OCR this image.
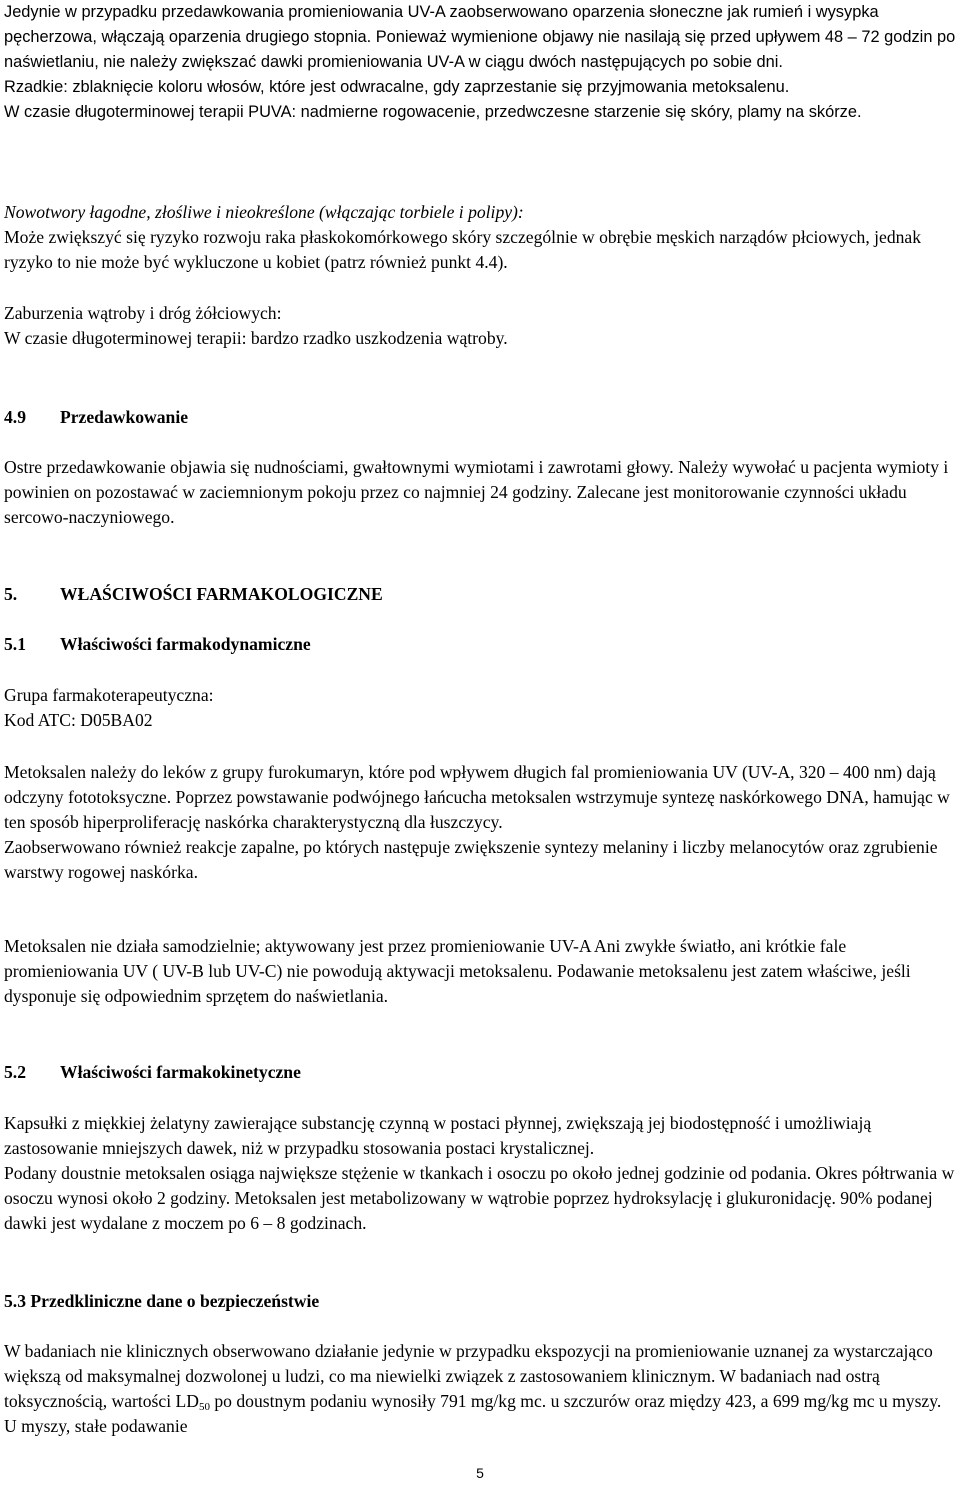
Jedynie w przypadku przedawkowania promieniowania UV-A zaobserwowano oparzenia słoneczne jak rumień i wysypka pęcherzowa, włączają oparzenia drugiego stopnia. Ponieważ wymienione objawy nie nasilają się przed upływem 48 – 72 godzin po naświetlaniu, nie należy zwiększać dawki promieniowania UV-A w ciągu dwóch następujących po sobie dni.

Rzadkie: zblaknięcie koloru włosów, które jest odwracalne, gdy zaprzestanie się przyjmowania metoksalenu.

W czasie długoterminowej terapii PUVA: nadmierne rogowacenie, przedwczesne starzenie się skóry, plamy na skórze.

Nowotwory łagodne, złośliwe i nieokreślone (włączając torbiele i polipy):

Może zwiększyć się ryzyko rozwoju raka płaskokomórkowego skóry szczególnie w obrębie męskich narządów płciowych, jednak ryzyko to nie może być wykluczone u kobiet (patrz również punkt 4.4).

Zaburzenia wątroby i dróg żółciowych:

W czasie długoterminowej terapii: bardzo rzadko uszkodzenia wątroby.

4.9 Przedawkowanie

Ostre przedawkowanie objawia się nudnościami, gwałtownymi wymiotami i zawrotami głowy. Należy wywołać u pacjenta wymioty i powinien on pozostawać w zaciemnionym pokoju przez co najmniej 24 godziny. Zalecane jest monitorowanie czynności układu sercowo-naczyniowego.

5. WŁAŚCIWOŚCI FARMAKOLOGICZNE

5.1 Właściwości farmakodynamiczne

Grupa farmakoterapeutyczna:

Kod ATC: D05BA02

Metoksalen należy do leków z grupy furokumaryn, które pod wpływem długich fal promieniowania UV (UV-A, 320 – 400 nm) dają odczyny fototoksyczne. Poprzez powstawanie podwójnego łańcucha metoksalen wstrzymuje syntezę naskórkowego DNA, hamując w ten sposób hiperproliferację naskórka charakterystyczną dla łuszczycy.

Zaobserwowano również reakcje zapalne, po których następuje zwiększenie syntezy melaniny i liczby melanocytów oraz zgrubienie warstwy rogowej naskórka.

Metoksalen nie działa samodzielnie; aktywowany jest przez promieniowanie UV-A Ani zwykłe światło, ani krótkie fale promieniowania UV ( UV-B lub UV-C) nie powodują aktywacji metoksalenu. Podawanie metoksalenu jest zatem właściwe, jeśli dysponuje się odpowiednim sprzętem do naświetlania.

5.2 Właściwości farmakokinetyczne

Kapsułki z miękkiej żelatyny zawierające substancję czynną w postaci płynnej, zwiększają jej biodostępność i umożliwiają zastosowanie mniejszych dawek, niż w przypadku stosowania postaci krystalicznej.

Podany doustnie metoksalen osiąga największe stężenie w tkankach i osoczu po około jednej godzinie od podania. Okres półtrwania w osoczu wynosi około 2 godziny. Metoksalen jest metabolizowany w wątrobie poprzez hydroksylację i glukuronidację. 90% podanej dawki jest wydalane z moczem po 6 – 8 godzinach.

5.3 Przedkliniczne dane o bezpieczeństwie

W badaniach nie klinicznych obserwowano działanie jedynie w przypadku ekspozycji na promieniowanie uznanej za wystarczająco większą od maksymalnej dozwolonej u ludzi, co ma niewielki związek z zastosowaniem klinicznym. W badaniach nad ostrą toksycznością, wartości $LD_{50}$ po doustnym podaniu wynosiły 791 mg/kg mc. u szczurów oraz między 423, a 699 mg/kg mc u myszy. U myszy, stałe podawanie

5
